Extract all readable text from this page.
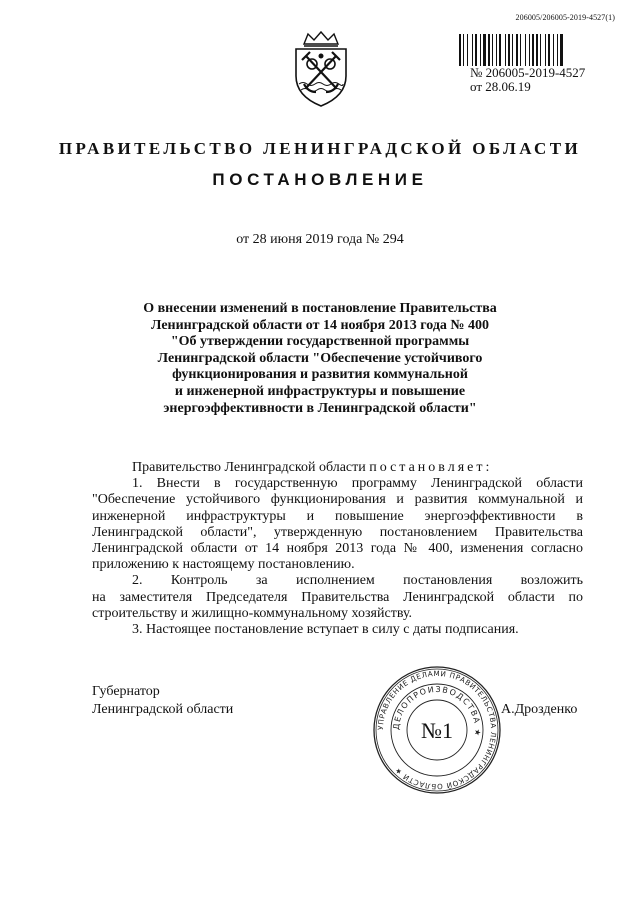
206005/206005-2019-4527(1)
№ 206005-2019-4527
от 28.06.19
ПРАВИТЕЛЬСТВО ЛЕНИНГРАДСКОЙ ОБЛАСТИ
ПОСТАНОВЛЕНИЕ
от 28 июня 2019 года № 294
О внесении изменений в постановление Правительства
Ленинградской области от 14 ноября 2013 года № 400
"Об утверждении государственной программы
Ленинградской области "Обеспечение устойчивого
функционирования и развития коммунальной
и инженерной инфраструктуры и повышение
энергоэффективности в Ленинградской области"

Правительство Ленинградской области постановляет:

1. Внести в государственную программу Ленинградской области "Обеспечение устойчивого функционирования и развития коммунальной и инженерной инфраструктуры и повышение энергоэффективности в Ленинградской области", утвержденную постановлением Правительства Ленинградской области от 14 ноября 2013 года № 400, изменения согласно приложению к настоящему постановлению.

2. Контроль за исполнением постановления возложить

на заместителя Председателя Правительства Ленинградской области по строительству и жилищно-коммунальному хозяйству.

3. Настоящее постановление вступает в силу с даты подписания.

Губернатор
Ленинградской области
УПРАВЛЕНИЕ ДЕЛАМИ ПРАВИТЕЛЬСТВА ЛЕНИНГРАДСКОЙ ОБЛАСТИ ★
ДЕЛОПРОИЗВОДСТВА ★
№1
А.Дрозденко
